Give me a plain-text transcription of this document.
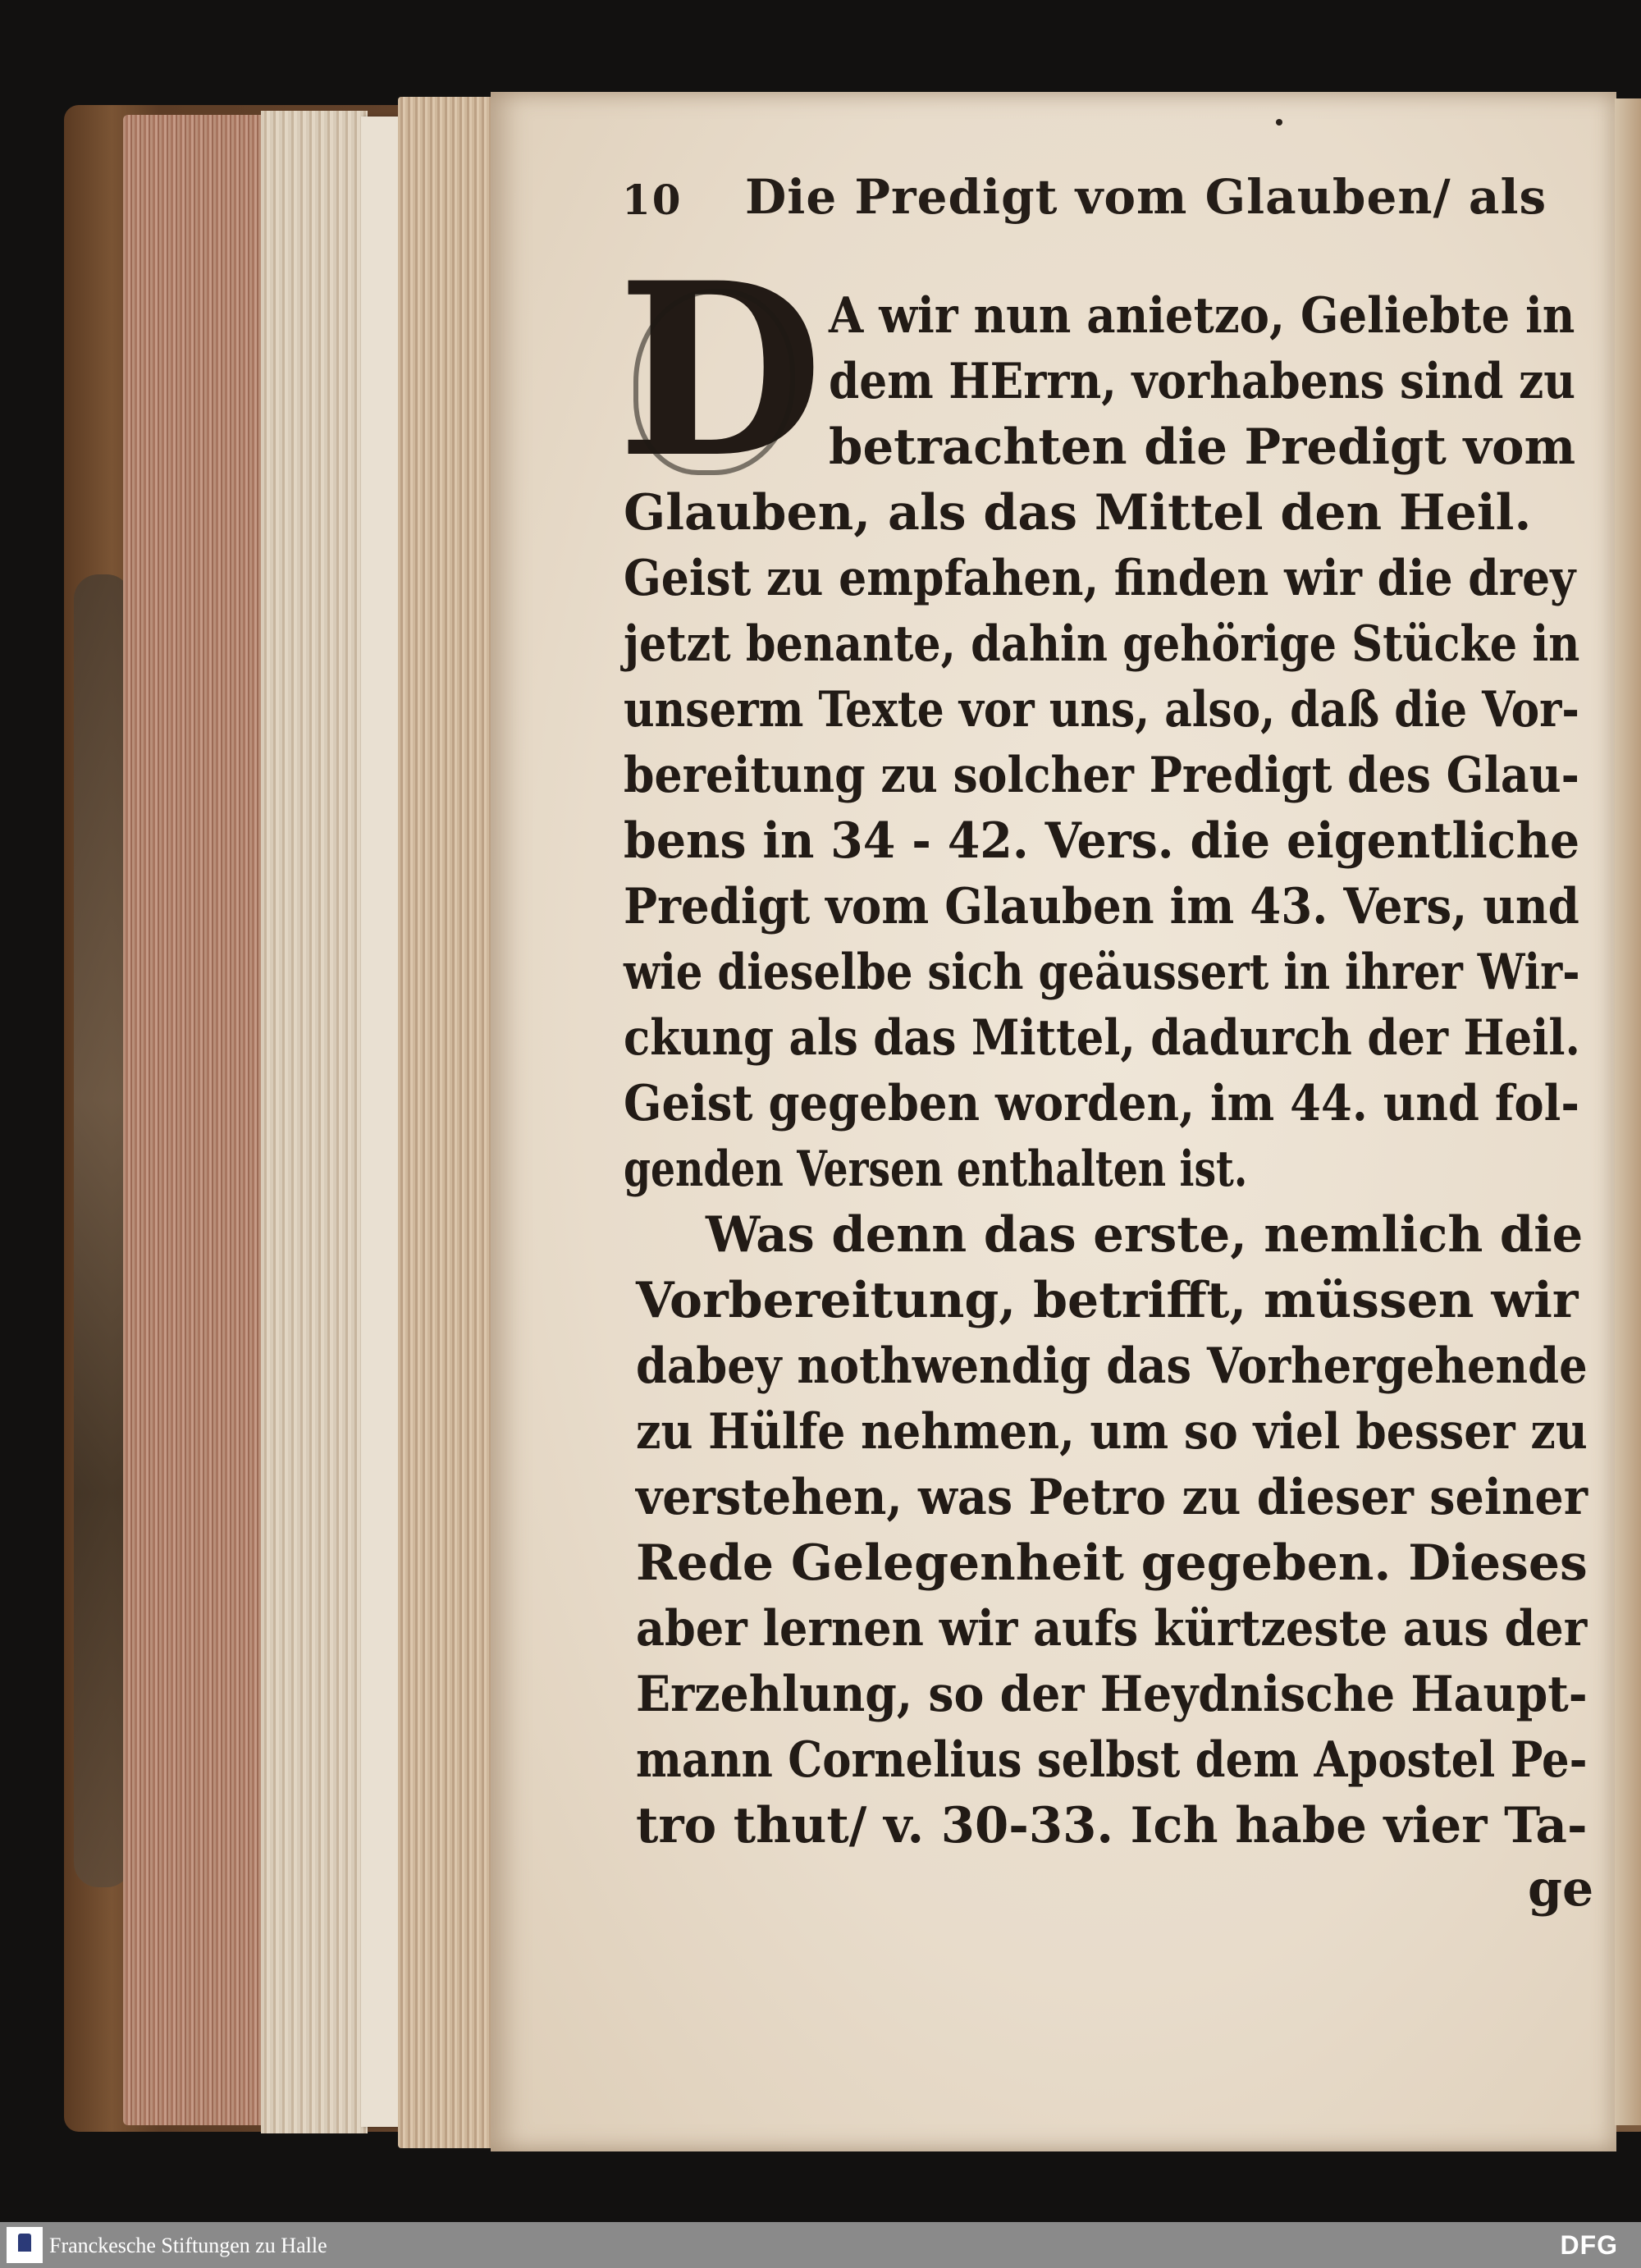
10 Die Predigt vom Glauben/ als
D A wir nun anietzo, Geliebte in
dem HErrn, vorhabens sind zu
betrachten die Predigt vom
Glauben, als das Mittel den Heil.
Geist zu empfahen, finden wir die drey
jetzt benante, dahin gehörige Stücke in
unserm Texte vor uns, also, daß die Vor-
bereitung zu solcher Predigt des Glau-
bens in 34 - 42. Vers. die eigentliche
Predigt vom Glauben im 43. Vers, und
wie dieselbe sich geäussert in ihrer Wir-
ckung als das Mittel, dadurch der Heil.
Geist gegeben worden, im 44. und fol-
genden Versen enthalten ist.
Was denn das erste, nemlich die
Vorbereitung, betrifft, müssen wir
dabey nothwendig das Vorhergehende
zu Hülfe nehmen, um so viel besser zu
verstehen, was Petro zu dieser seiner
Rede Gelegenheit gegeben. Dieses
aber lernen wir aufs kürtzeste aus der
Erzehlung, so der Heydnische Haupt-
mann Cornelius selbst dem Apostel Pe-
tro thut/ v. 30-33. Ich habe vier Ta-
ge
Franckesche Stiftungen zu Halle	DFG
